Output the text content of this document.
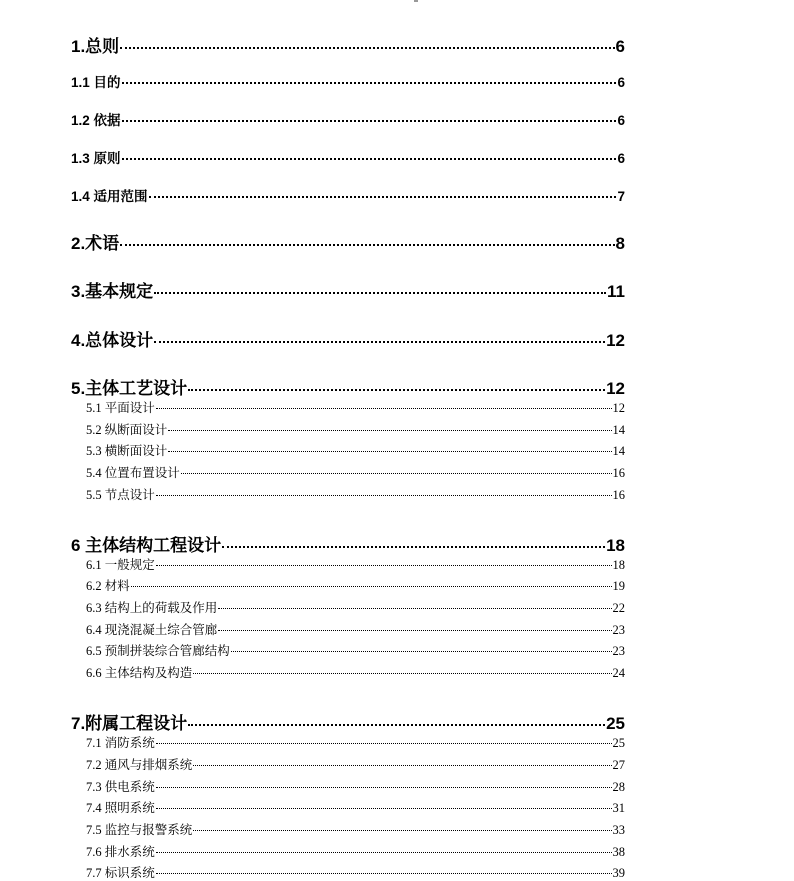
1.总则	6
1.1 目的	6
1.2 依据	6
1.3 原则	6
1.4 适用范围	7
2.术语	8
3.基本规定	11
4.总体设计	12
5.主体工艺设计	12
5.1 平面设计	12
5.2 纵断面设计	14
5.3 横断面设计	14
5.4 位置布置设计	16
5.5 节点设计	16
6 主体结构工程设计	18
6.1 一般规定	18
6.2 材料	19
6.3 结构上的荷载及作用	22
6.4 现浇混凝土综合管廊	23
6.5 预制拼装综合管廊结构	23
6.6 主体结构及构造	24
7.附属工程设计	25
7.1 消防系统	25
7.2 通风与排烟系统	27
7.3 供电系统	28
7.4 照明系统	31
7.5 监控与报警系统	33
7.6 排水系统	38
7.7 标识系统	39
